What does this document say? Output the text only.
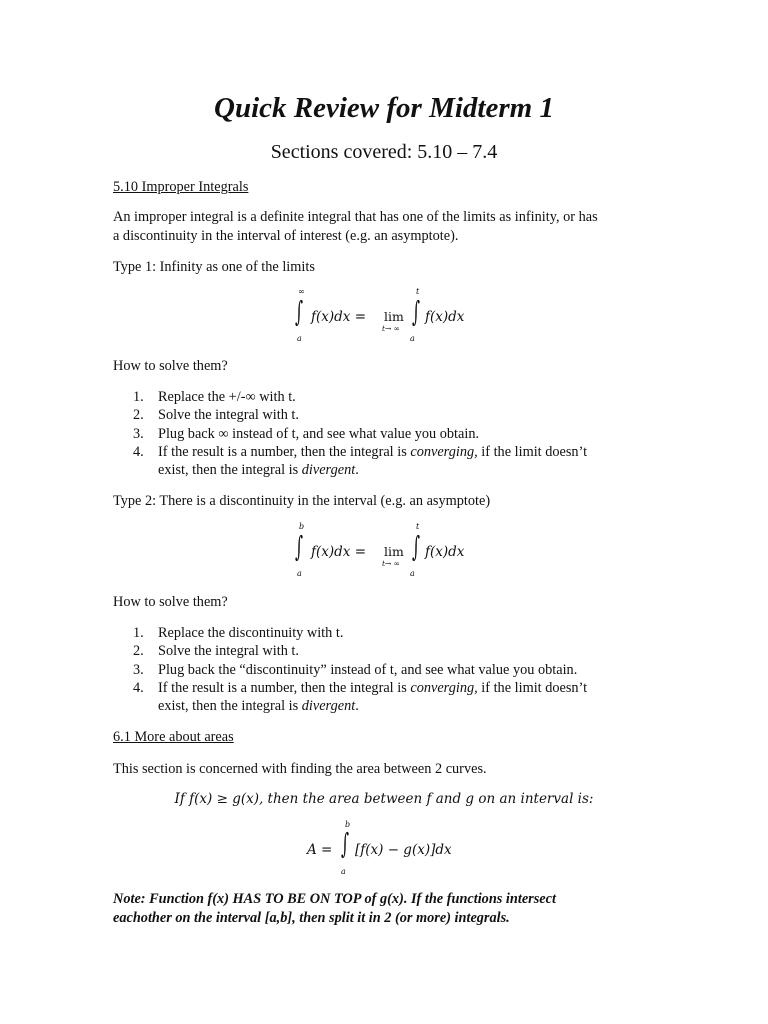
Quick Review for Midterm 1
Sections covered: 5.10 – 7.4
5.10 Improper Integrals
An improper integral is a definite integral that has one of the limits as infinity, or has
a discontinuity in the interval of interest (e.g. an asymptote).
Type 1: Infinity as one of the limits
∞
∫
a
f(x)dx = lim
t→ ∞
t
∫
a
f(x)dx
How to solve them?
1. Replace the +/-∞ with t.
2. Solve the integral with t.
3. Plug back ∞ instead of t, and see what value you obtain.
4. If the result is a number, then the integral is converging, if the limit doesn’t
exist, then the integral is divergent.
Type 2: There is a discontinuity in the interval (e.g. an asymptote)
b
∫
a
f(x)dx = lim
t→ ∞
t
∫
a
f(x)dx
How to solve them?
1. Replace the discontinuity with t.
2. Solve the integral with t.
3. Plug back the “discontinuity” instead of t, and see what value you obtain.
4. If the result is a number, then the integral is converging, if the limit doesn’t
exist, then the integral is divergent.
6.1 More about areas
This section is concerned with finding the area between 2 curves.
If f(x) ≥ g(x), then the area between f and g on an interval is:
A =
b
∫
a
[f(x) − g(x)]dx
Note: Function f(x) HAS TO BE ON TOP of g(x). If the functions intersect
eachother on the interval [a,b], then split it in 2 (or more) integrals.
